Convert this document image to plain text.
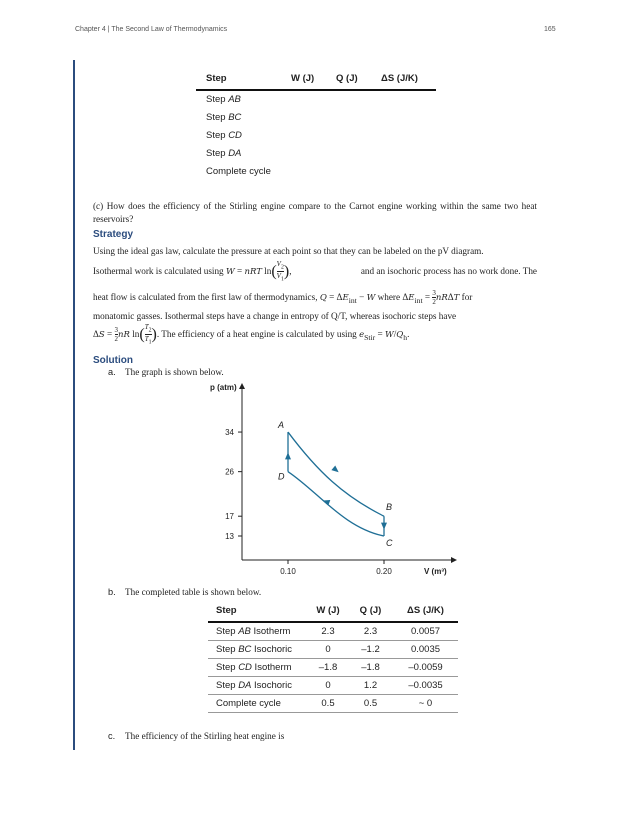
Chapter 4 | The Second Law of Thermodynamics	165
Step	W (J)	Q (J)	ΔS (J/K)
Step AB
Step BC
Step CD
Step DA
Complete cycle
(c) How does the efficiency of the Stirling engine compare to the Carnot engine working within the same two heat reservoirs?
Strategy
Using the ideal gas law, calculate the pressure at each point so that they can be labeled on the pV diagram.
Isothermal work is calculated using W = nRT $\ln( \frac{V_2}{V_1}$ ),	and an isochoric process has no work done. The
heat flow is calculated from the first law of thermodynamics, $Q = \Delta E_{int} - W$ where $\Delta E_{int} = \frac{3}{2}$ nRΔT for
monatomic gasses. Isothermal steps have a change in entropy of Q/T, whereas isochoric steps have
$\Delta S = \frac{3}{2}$ nR $\ln( \frac{T_2}{T_1}$ ). The efficiency of a heat engine is calculated by using $e_{Stir} = W/Q_h$.
Solution
a. The graph is shown below.
p (atm)
V (m³)
13
17
26
34
0.10	0.20
A
B
C
D
b. The completed table is shown below.
Step	W (J)	Q (J)	ΔS (J/K)
Step AB Isotherm	2.3	2.3	0.0057
Step BC Isochoric	0	–1.2	0.0035
Step CD Isotherm	–1.8	–1.8	–0.0059
Step DA Isochoric	0	1.2	–0.0035
Complete cycle	0.5	0.5	~ 0
c. The efficiency of the Stirling heat engine is
